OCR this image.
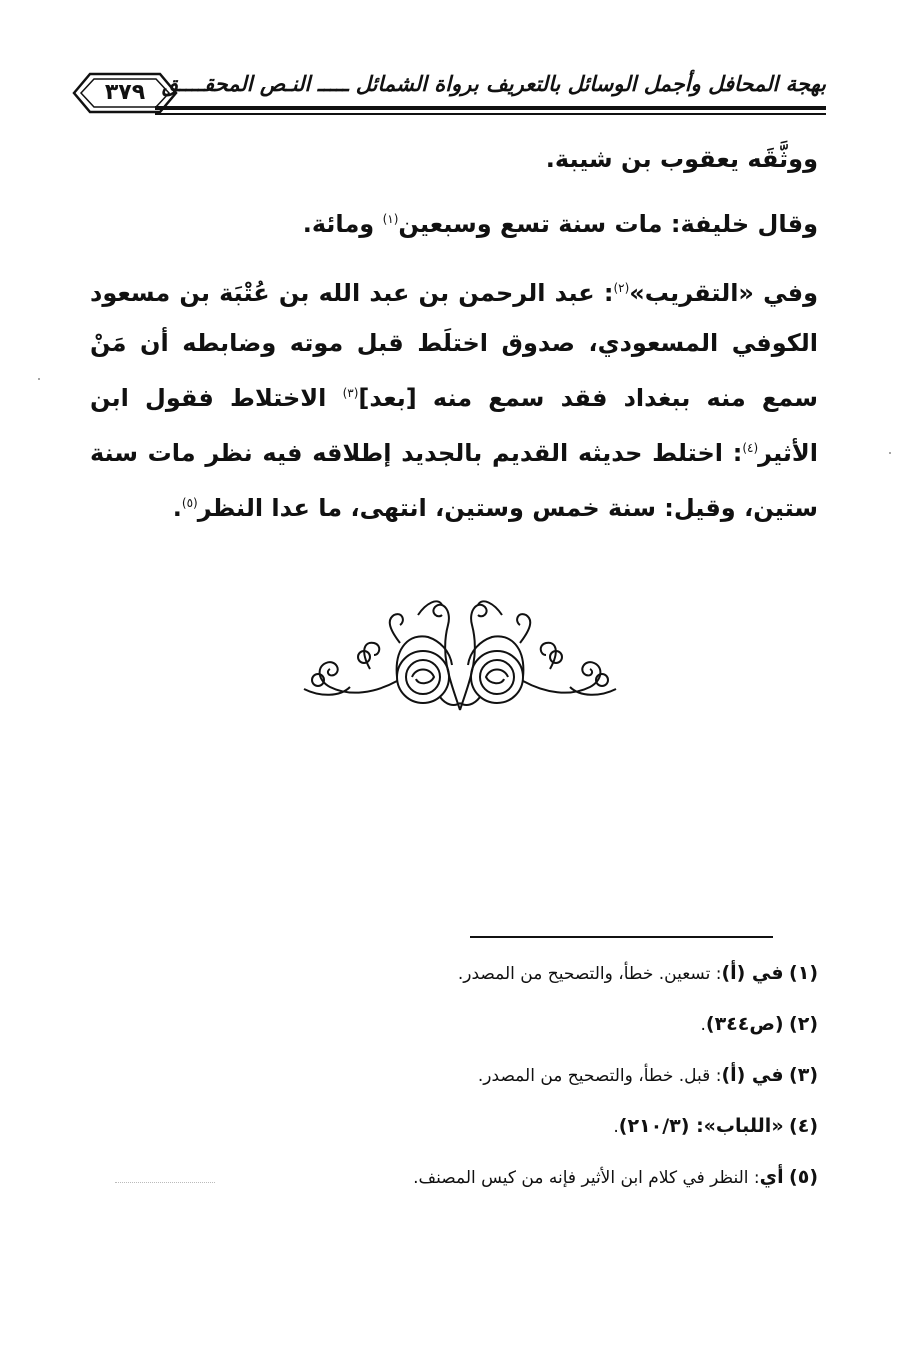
بهجة المحافل وأجمل الوسائل بالتعريف برواة الشمائل ـــــ النـص المحقــــق
٣٧٩

ووثَّقَه يعقوب بن شيبة.

وقال خليفة: مات سنة تسع وسبعين$^{(١)}$ ومائة.

وفي «التقريب»$^{(٢)}$: عبد الرحمن بن عبد الله بن عُتْبَة بن مسعود الكوفي المسعودي، صدوق اختلَط قبل موته وضابطه أن مَنْ سمع منه ببغداد فقد سمع منه [بعد]$^{(٣)}$ الاختلاط فقول ابن الأثير$^{(٤)}$: اختلط حديثه القديم بالجديد إطلاقه فيه نظر مات سنة ستين، وقيل: سنة خمس وستين، انتهى، ما عدا النظر$^{(٥)}$.

(١) في (أ): تسعين. خطأ، والتصحيح من المصدر.
(٢) (ص٣٤٤).
(٣) في (أ): قبل. خطأ، والتصحيح من المصدر.
(٤) «اللباب»: (٢١٠/٣).
(٥) أي: النظر في كلام ابن الأثير فإنه من كيس المصنف.
